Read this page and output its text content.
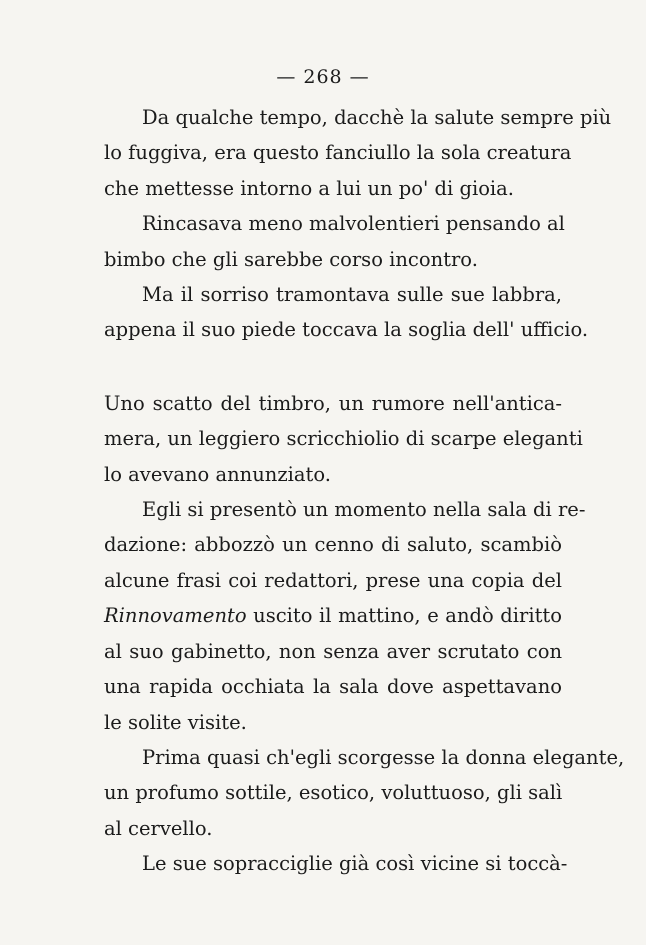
— 268 —
Da qualche tempo, dacchè la salute sempre più
lo fuggiva, era questo fanciullo la sola creatura
che mettesse intorno a lui un po' di gioia.
Rincasava meno malvolentieri pensando al
bimbo che gli sarebbe corso incontro.
Ma il sorriso tramontava sulle sue labbra,
appena il suo piede toccava la soglia dell' ufficio.
Uno scatto del timbro, un rumore nell'antica-
mera, un leggiero scricchiolio di scarpe eleganti
lo avevano annunziato.
Egli si presentò un momento nella sala di re-
dazione: abbozzò un cenno di saluto, scambiò
alcune frasi coi redattori, prese una copia del
Rinnovamento uscito il mattino, e andò diritto
al suo gabinetto, non senza aver scrutato con
una rapida occhiata la sala dove aspettavano
le solite visite.
Prima quasi ch'egli scorgesse la donna elegante,
un profumo sottile, esotico, voluttuoso, gli salì
al cervello.
Le sue sopracciglie già così vicine si toccà-
